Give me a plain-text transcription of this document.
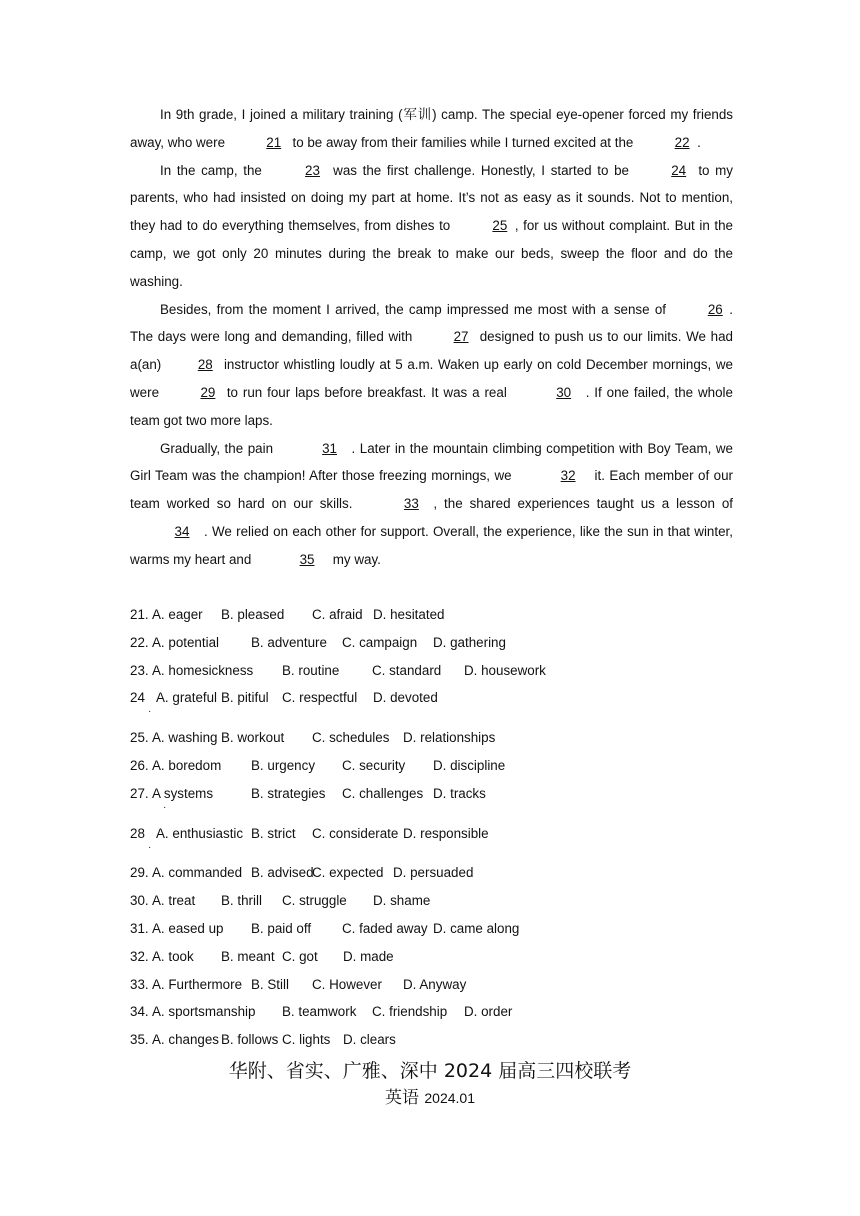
In 9th grade, I joined a military training (军训) camp. The special eye-opener forced my friends away, who were	21 to be away from their families while I turned excited at the	22 .

In the camp, the	23 was the first challenge. Honestly, I started to be	24 to my parents, who had insisted on doing my part at home. It’s not as easy as it sounds. Not to mention, they had to do everything themselves, from dishes to	25 , for us without complaint. But in the camp, we got only 20 minutes during the break to make our beds, sweep the floor and do the washing.

Besides, from the moment I arrived, the camp impressed me most with a sense of	26 . The days were long and demanding, filled with	27 designed to push us to our limits. We had a(an)	28 instructor whistling loudly at 5 a.m. Waken up early on cold December mornings, we were	29 to run four laps before breakfast. It was a real	30 . If one failed, the whole team got two more laps.

Gradually, the pain	31 . Later in the mountain climbing competition with Boy Team, we Girl Team was the champion! After those freezing mornings, we	32 it. Each member of our team worked so hard on our skills.	33 , the shared experiences taught us a lesson of 34 . We relied on each other for support. Overall, the experience, like the sun in that winter, warms my heart and	35 my way.

21. A. eager B. pleased C. afraid D. hesitated
22. A. potential B. adventure C. campaign D. gathering
23. A. homesickness B. routine C. standard D. housework
24
·
A. grateful B. pitiful C. respectful D. devoted
25. A. washing B. workout C. schedules D. relationships
26. A. boredom B. urgency C. security D. discipline
27.
·
A systems	B. strategies C. challenges D. tracks
28
·
A. enthusiastic B. strict C. considerate D. responsible
29. A. commanded B. advised
C. expected D. persuaded
30. A. treat B. thrill C. struggle D. shame
31. A. eased up B. paid off C. faded away D. came along
32. A. took B. meant C. got D. made
33. A. Furthermore B. Still C. However D. Anyway
34. A. sportsmanship B. teamwork C. friendship D. order
35. A. changes B. follows C. lights D. clears
华附、省实、广雅、深中 2024 届高三四校联考
英语 2024.01
